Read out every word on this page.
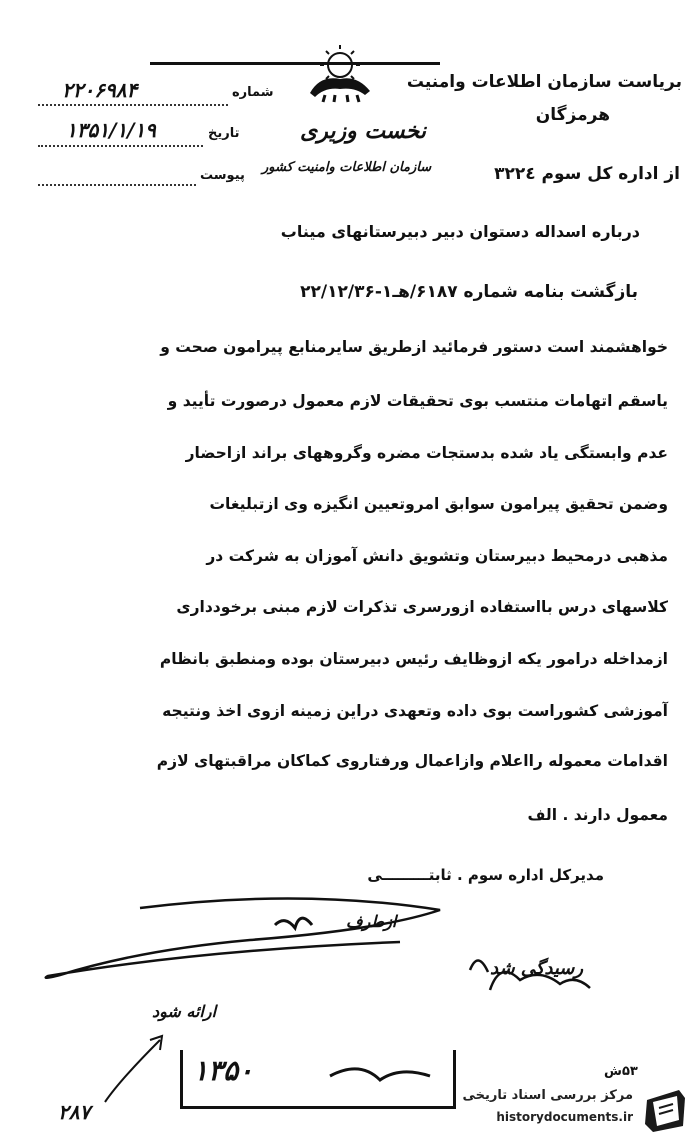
بریاست سازمان اطلاعات وامنیت
هرمزگان
نخست وزیری
سازمان اطلاعات وامنیت کشور	از اداره کل سوم ۳۲۲٤
شماره
۲۲۰۶۹۸۴
تاریخ
۱۳۵۱/۱/۱۹
پیوست
درباره اسداله دستوان دبیر دبیرستانهای میناب
بازگشت بنامه شماره ۶۱۸۷/هـ۱-۲۲/۱۲/۳۶
خواهشمند است دستور فرمائید ازطریق سایرمنابع پیرامون صحت و
یاسقم اتهامات منتسب بوی تحقیقات لازم معمول درصورت تأیید و
عدم وابستگی یاد شده بدستجات مضره وگروههای براند ازاحضار
وضمن تحقیق پیرامون سوابق امروتعیین انگیزه وی ازتبلیغات
مذهبی درمحیط دبیرستان وتشویق دانش آموزان به شرکت در
کلاسهای درس بااستفاده ازورسری تذکرات لازم مبنی برخودداری
ازمداخله درامور یکه ازوظایف رئیس دبیرستان بوده ومنطبق بانظام
آموزشی کشوراست بوی داده وتعهدی دراین زمینه ازوی اخذ ونتیجه
اقدامات معموله رااعلام وازاعمال ورفتاروی کماکان مراقبتهای لازم
معمول دارند . الف
مدیرکل اداره سوم . ثابتـــــــــی
ازطرف
رسیدگی شد
ارائه شود
۱۳۵۰
۲۸۷
۵۳ش
مرکز بررسی اسناد تاریخی
historydocuments.ir
